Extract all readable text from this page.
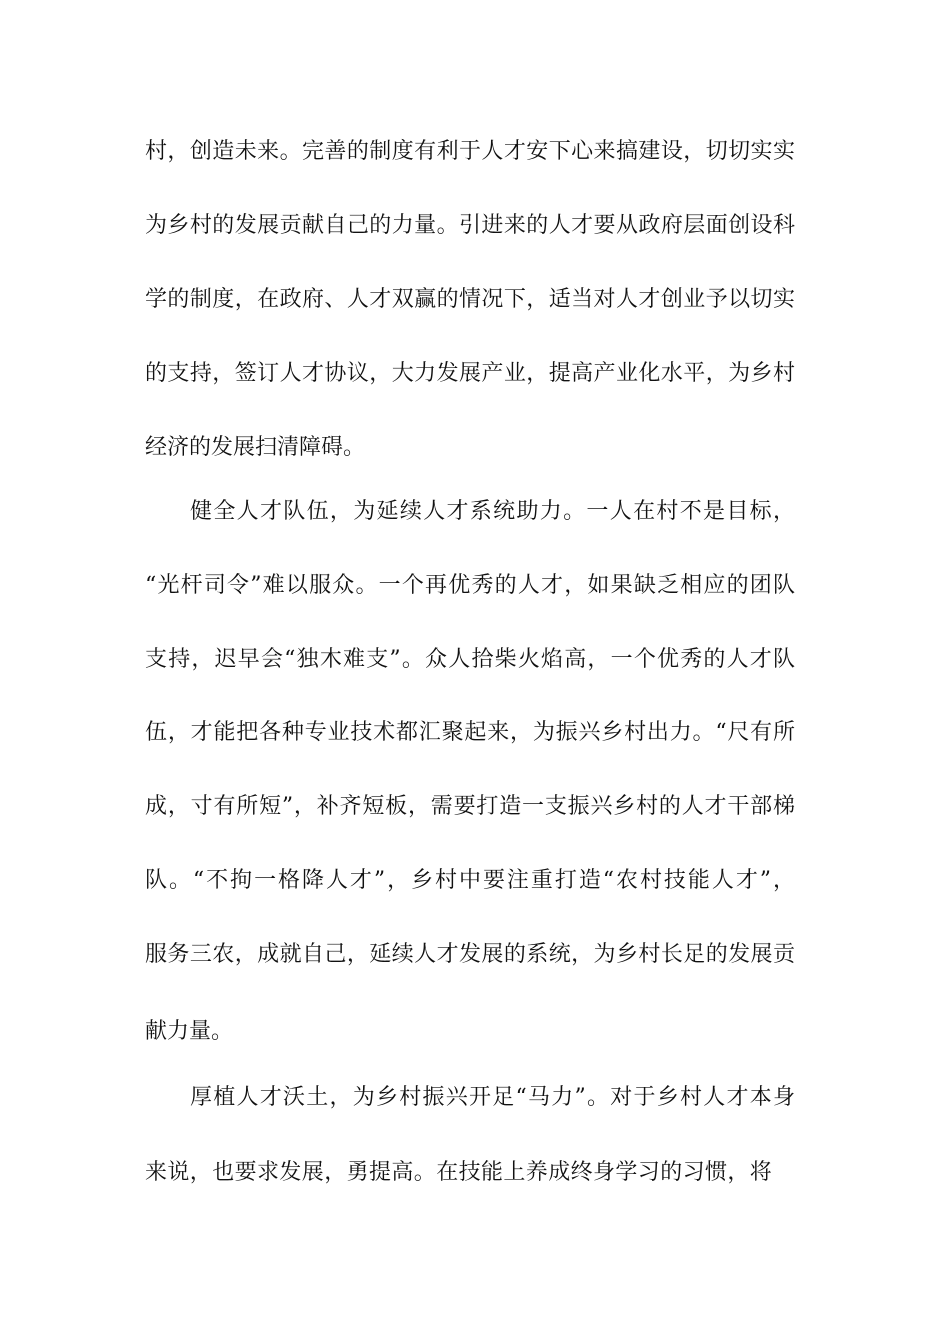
村，创造未来。完善的制度有利于人才安下心来搞建设，切切实实
为乡村的发展贡献自己的力量。引进来的人才要从政府层面创设科
学的制度，在政府、人才双赢的情况下，适当对人才创业予以切实
的支持，签订人才协议，大力发展产业，提高产业化水平，为乡村
经济的发展扫清障碍。
健全人才队伍，为延续人才系统助力。一人在村不是目标，
“光杆司令”难以服众。一个再优秀的人才，如果缺乏相应的团队
支持，迟早会“独木难支”。众人拾柴火焰高，一个优秀的人才队
伍，才能把各种专业技术都汇聚起来，为振兴乡村出力。“尺有所
成，寸有所短”，补齐短板，需要打造一支振兴乡村的人才干部梯
队。“不拘一格降人才”，乡村中要注重打造“农村技能人才”，
服务三农，成就自己，延续人才发展的系统，为乡村长足的发展贡
献力量。
厚植人才沃土，为乡村振兴开足“马力”。对于乡村人才本身
来说，也要求发展，勇提高。在技能上养成终身学习的习惯，将
